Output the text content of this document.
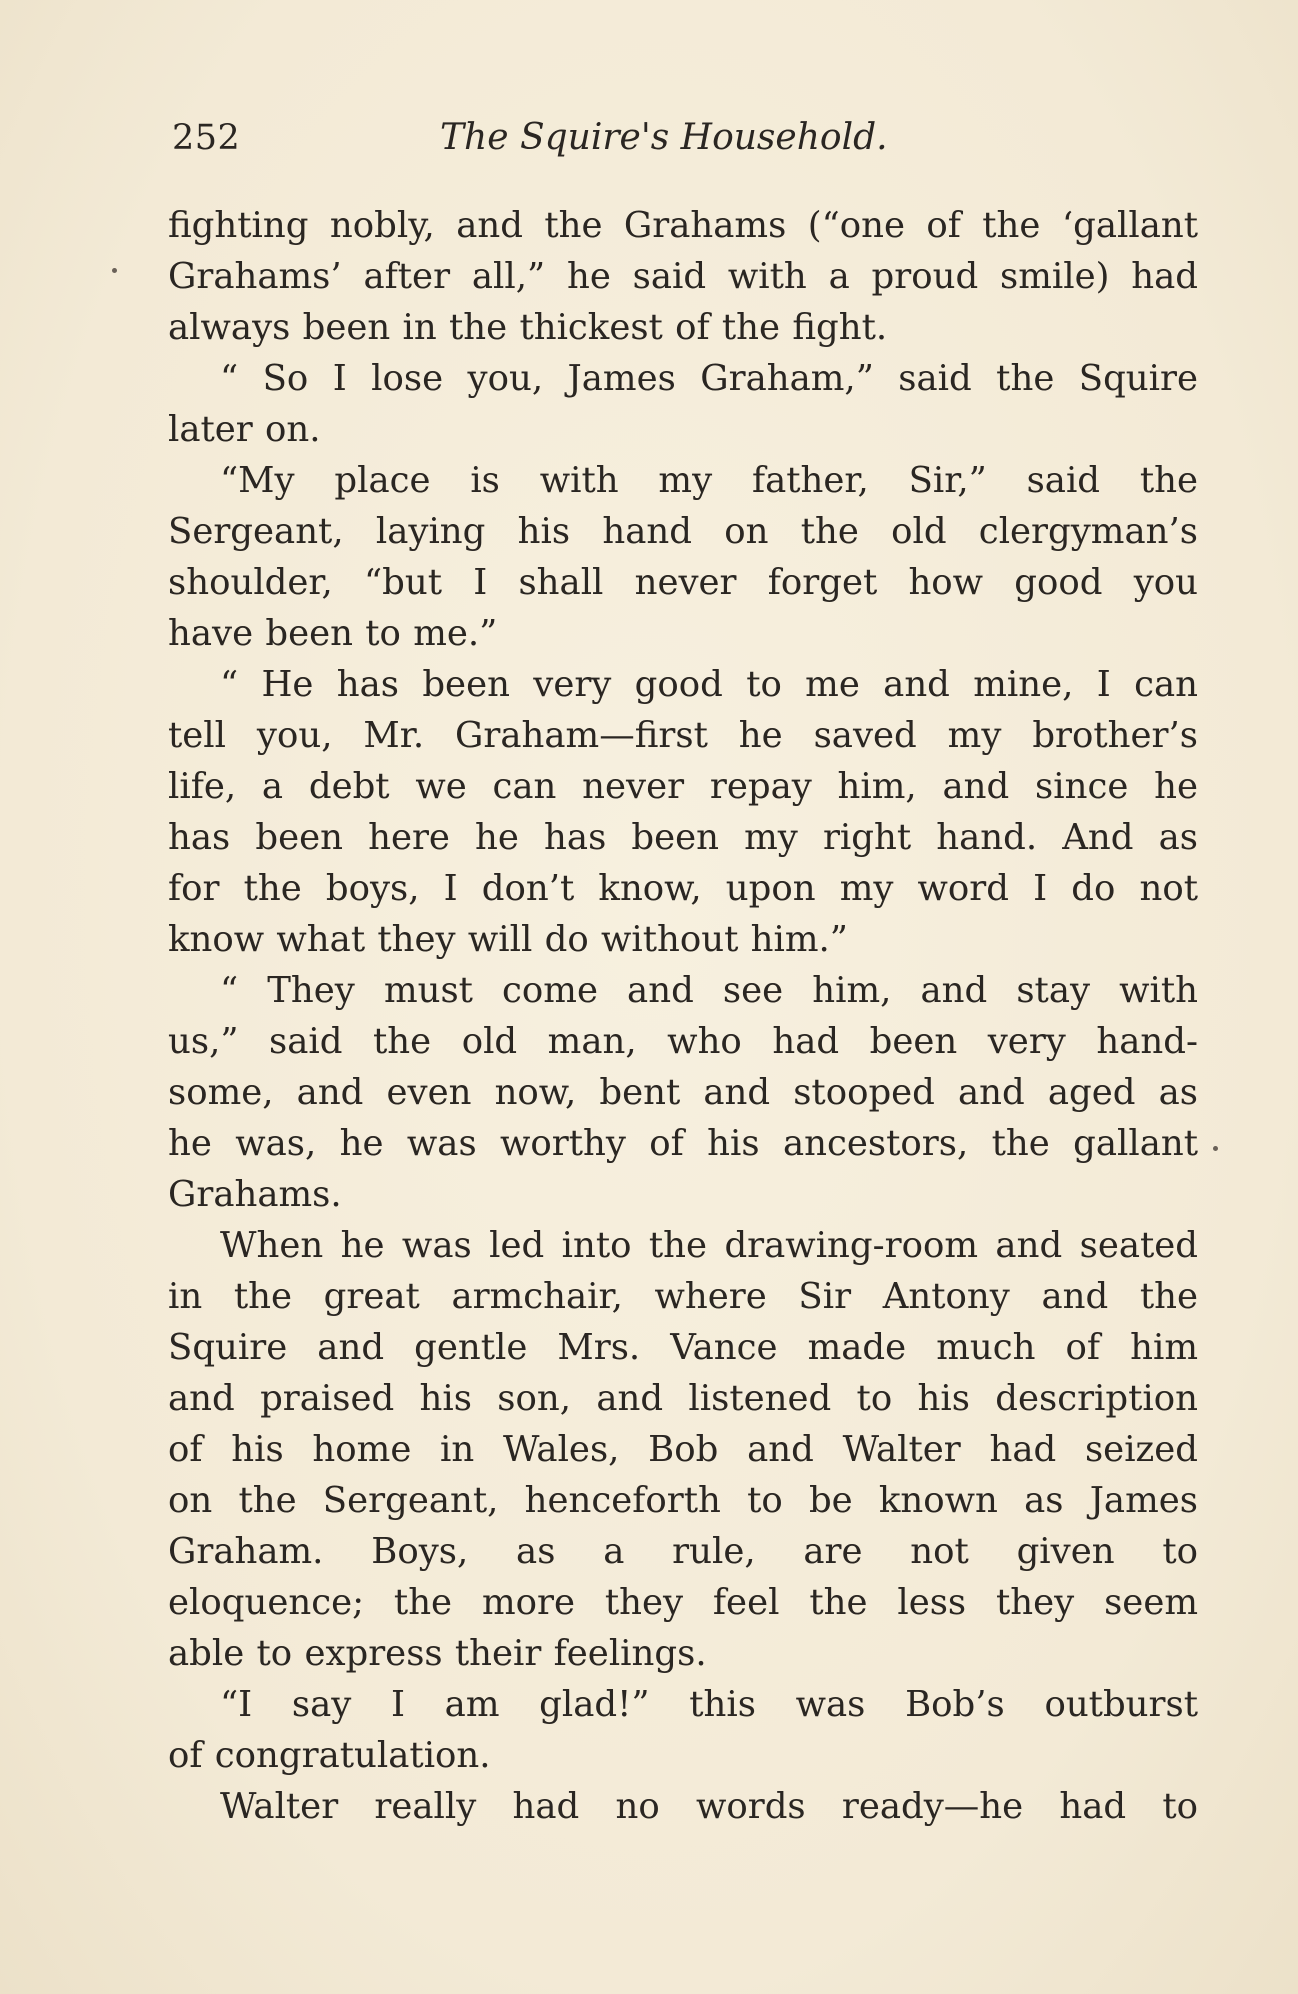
252	The Squire's Household.
fighting nobly, and the Grahams (“one of the ‘gallant
Grahams’ after all,” he said with a proud smile) had
always been in the thickest of the fight.
“ So I lose you, James Graham,” said the Squire
later on.
“My place is with my father, Sir,” said the
Sergeant, laying his hand on the old clergyman’s
shoulder, “but I shall never forget how good you
have been to me.”
“ He has been very good to me and mine, I can
tell you, Mr. Graham—first he saved my brother’s
life, a debt we can never repay him, and since he
has been here he has been my right hand. And as
for the boys, I don’t know, upon my word I do not
know what they will do without him.”
“ They must come and see him, and stay with
us,” said the old man, who had been very hand-
some, and even now, bent and stooped and aged as
he was, he was worthy of his ancestors, the gallant
Grahams.
When he was led into the drawing-room and seated
in the great armchair, where Sir Antony and the
Squire and gentle Mrs. Vance made much of him
and praised his son, and listened to his description
of his home in Wales, Bob and Walter had seized
on the Sergeant, henceforth to be known as James
Graham. Boys, as a rule, are not given to
eloquence; the more they feel the less they seem
able to express their feelings.
“I say I am glad!” this was Bob’s outburst
of congratulation.
Walter really had no words ready—he had to
